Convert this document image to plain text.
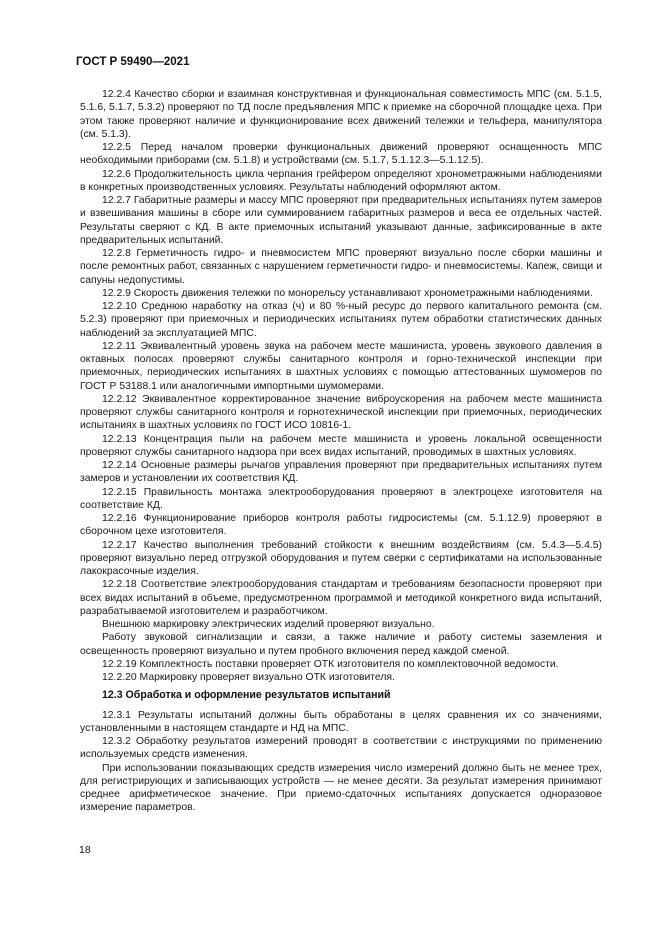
ГОСТ Р 59490—2021

12.2.4 Качество сборки и взаимная конструктивная и функциональная совместимость МПС (см. 5.1.5, 5.1.6, 5.1.7, 5.3.2) проверяют по ТД после предъявления МПС к приемке на сборочной площадке цеха. При этом также проверяют наличие и функционирование всех движений тележки и тельфера, манипулятора (см. 5.1.3).

12.2.5 Перед началом проверки функциональных движений проверяют оснащенность МПС необходимыми приборами (см. 5.1.8) и устройствами (см. 5.1.7, 5.1.12.3—5.1.12.5).

12.2.6 Продолжительность цикла черпания грейфером определяют хронометражными наблюдениями в конкретных производственных условиях. Результаты наблюдений оформляют актом.

12.2.7 Габаритные размеры и массу МПС проверяют при предварительных испытаниях путем замеров и взвешивания машины в сборе или суммированием габаритных размеров и веса ее отдельных частей. Результаты сверяют с КД. В акте приемочных испытаний указывают данные, зафиксированные в акте предварительных испытаний.

12.2.8 Герметичность гидро- и пневмосистем МПС проверяют визуально после сборки машины и после ремонтных работ, связанных с нарушением герметичности гидро- и пневмосистемы. Капеж, свищи и сапуны недопустимы.

12.2.9 Скорость движения тележки по монорельсу устанавливают хронометражными наблюдениями.

12.2.10 Среднюю наработку на отказ (ч) и 80 %-ный ресурс до первого капитального ремонта (см. 5.2.3) проверяют при приемочных и периодических испытаниях путем обработки статистических данных наблюдений за эксплуатацией МПС.

12.2.11 Эквивалентный уровень звука на рабочем месте машиниста, уровень звукового давления в октавных полосах проверяют службы санитарного контроля и горно-технической инспекции при приемочных, периодических испытаниях в шахтных условиях с помощью аттестованных шумомеров по ГОСТ Р 53188.1 или аналогичными импортными шумомерами.

12.2.12 Эквивалентное корректированное значение виброускорения на рабочем месте машиниста проверяют службы санитарного контроля и горнотехнической инспекции при приемочных, периодических испытаниях в шахтных условиях по ГОСТ ИСО 10816-1.

12.2.13 Концентрация пыли на рабочем месте машиниста и уровень локальной освещенности проверяют службы санитарного надзора при всех видах испытаний, проводимых в шахтных условиях.

12.2.14 Основные размеры рычагов управления проверяют при предварительных испытаниях путем замеров и установлении их соответствия КД.

12.2.15 Правильность монтажа электрооборудования проверяют в электроцехе изготовителя на соответствие КД.

12.2.16 Функционирование приборов контроля работы гидросистемы (см. 5.1.12.9) проверяют в сборочном цехе изготовителя.

12.2.17 Качество выполнения требований стойкости к внешним воздействиям (см. 5.4.3—5.4.5) проверяют визуально перед отгрузкой оборудования и путем сверки с сертификатами на использованные лакокрасочные изделия.

12.2.18 Соответствие электрооборудования стандартам и требованиям безопасности проверяют при всех видах испытаний в объеме, предусмотренном программой и методикой конкретного вида испытаний, разрабатываемой изготовителем и разработчиком.

Внешнюю маркировку электрических изделий проверяют визуально.

Работу звуковой сигнализации и связи, а также наличие и работу системы заземления и освещенность проверяют визуально и путем пробного включения перед каждой сменой.

12.2.19 Комплектность поставки проверяет ОТК изготовителя по комплектовочной ведомости.

12.2.20 Маркировку проверяет визуально ОТК изготовителя.

12.3 Обработка и оформление результатов испытаний

12.3.1 Результаты испытаний должны быть обработаны в целях сравнения их со значениями, установленными в настоящем стандарте и НД на МПС.

12.3.2 Обработку результатов измерений проводят в соответствии с инструкциями по применению используемых средств изменения.

При использовании показывающих средств измерения число измерений должно быть не менее трех, для регистрирующих и записывающих устройств — не менее десяти. За результат измерения принимают среднее арифметическое значение. При приемо-сдаточных испытаниях допускается одноразовое измерение параметров.

18
